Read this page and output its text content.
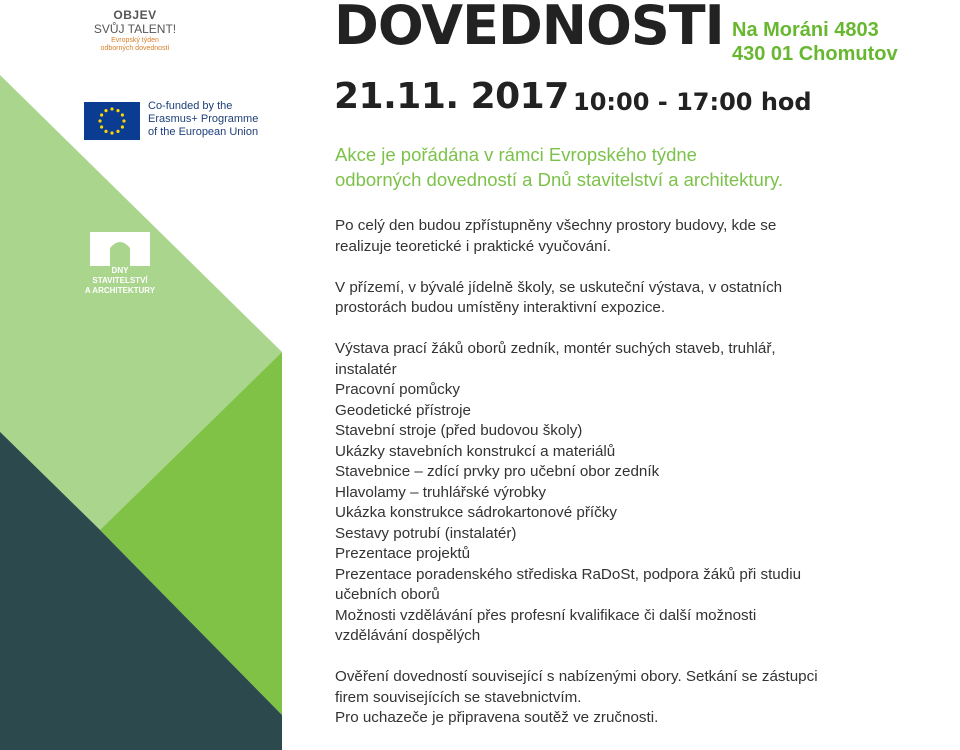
OBJEV
SVŮJ TALENT!
Evropský týden
odborných dovedností
Co-funded by the
Erasmus+ Programme
of the European Union
DNY
STAVITELSTVÍ
A ARCHITEKTURY
DOVEDNOSTI Na Moráni 4803
430 01 Chomutov
21.11. 2017 10:00 - 17:00 hod
Akce je pořádána v rámci Evropského týdne
odborných dovedností a Dnů stavitelství a architektury.
Po celý den budou zpřístupněny všechny prostory budovy, kde se
realizuje teoretické i praktické vyučování.
V přízemí, v bývalé jídelně školy, se uskuteční výstava, v ostatních
prostorách budou umístěny interaktivní expozice.
Výstava prací žáků oborů zedník, montér suchých staveb, truhlář,
instalatér
Pracovní pomůcky
Geodetické přístroje
Stavební stroje (před budovou školy)
Ukázky stavebních konstrukcí a materiálů
Stavebnice – zdící prvky pro učební obor zedník
Hlavolamy – truhlářské výrobky
Ukázka konstrukce sádrokartonové příčky
Sestavy potrubí (instalatér)
Prezentace projektů
Prezentace poradenského střediska RaDoSt, podpora žáků při studiu
učebních oborů
Možnosti vzdělávání přes profesní kvalifikace či další možnosti
vzdělávání dospělých
Ověření dovedností související s nabízenými obory. Setkání se zástupci
firem souvisejících se stavebnictvím.
Pro uchazeče je připravena soutěž ve zručnosti.
